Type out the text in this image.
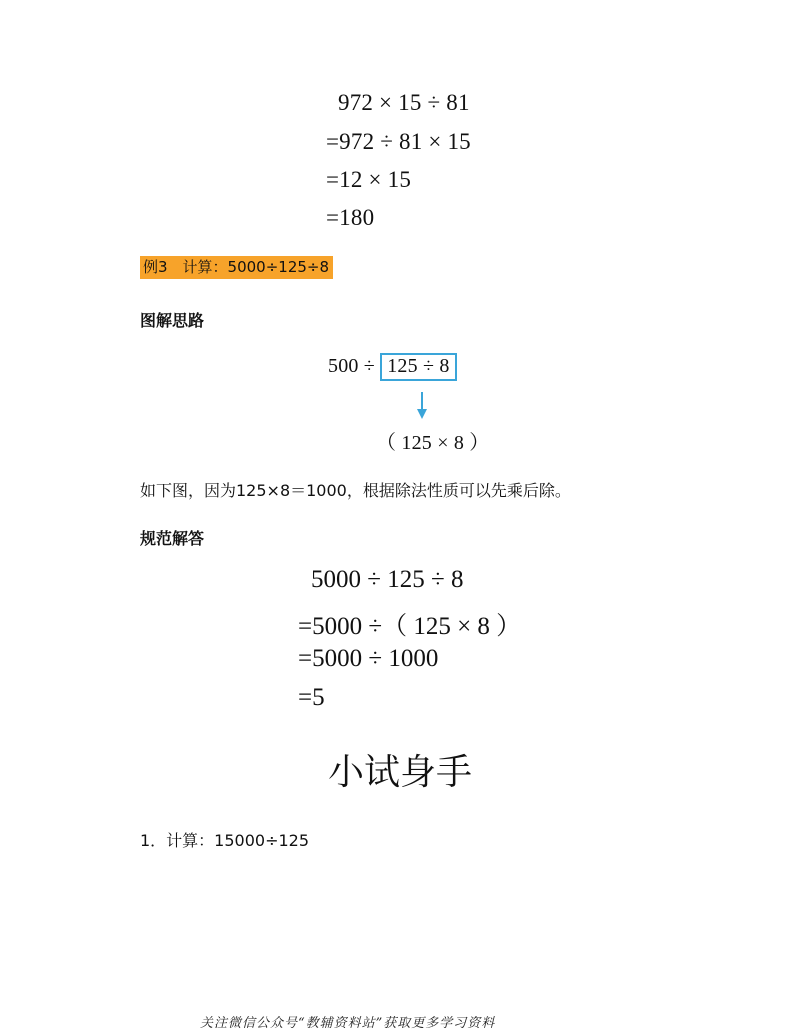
972 × 15 ÷ 81
=972 ÷ 81 × 15
=12 × 15
=180
例3　计算：5000÷125÷8
图解思路
500 ÷ 125 ÷ 8
（ 125 × 8 ）
如下图，因为125×8＝1000，根据除法性质可以先乘后除。
规范解答
5000 ÷ 125 ÷ 8
=5000 ÷（ 125 × 8 ）
=5000 ÷ 1000
=5
小试身手
1．计算：15000÷125
关注微信公众号“教辅资料站”获取更多学习资料
